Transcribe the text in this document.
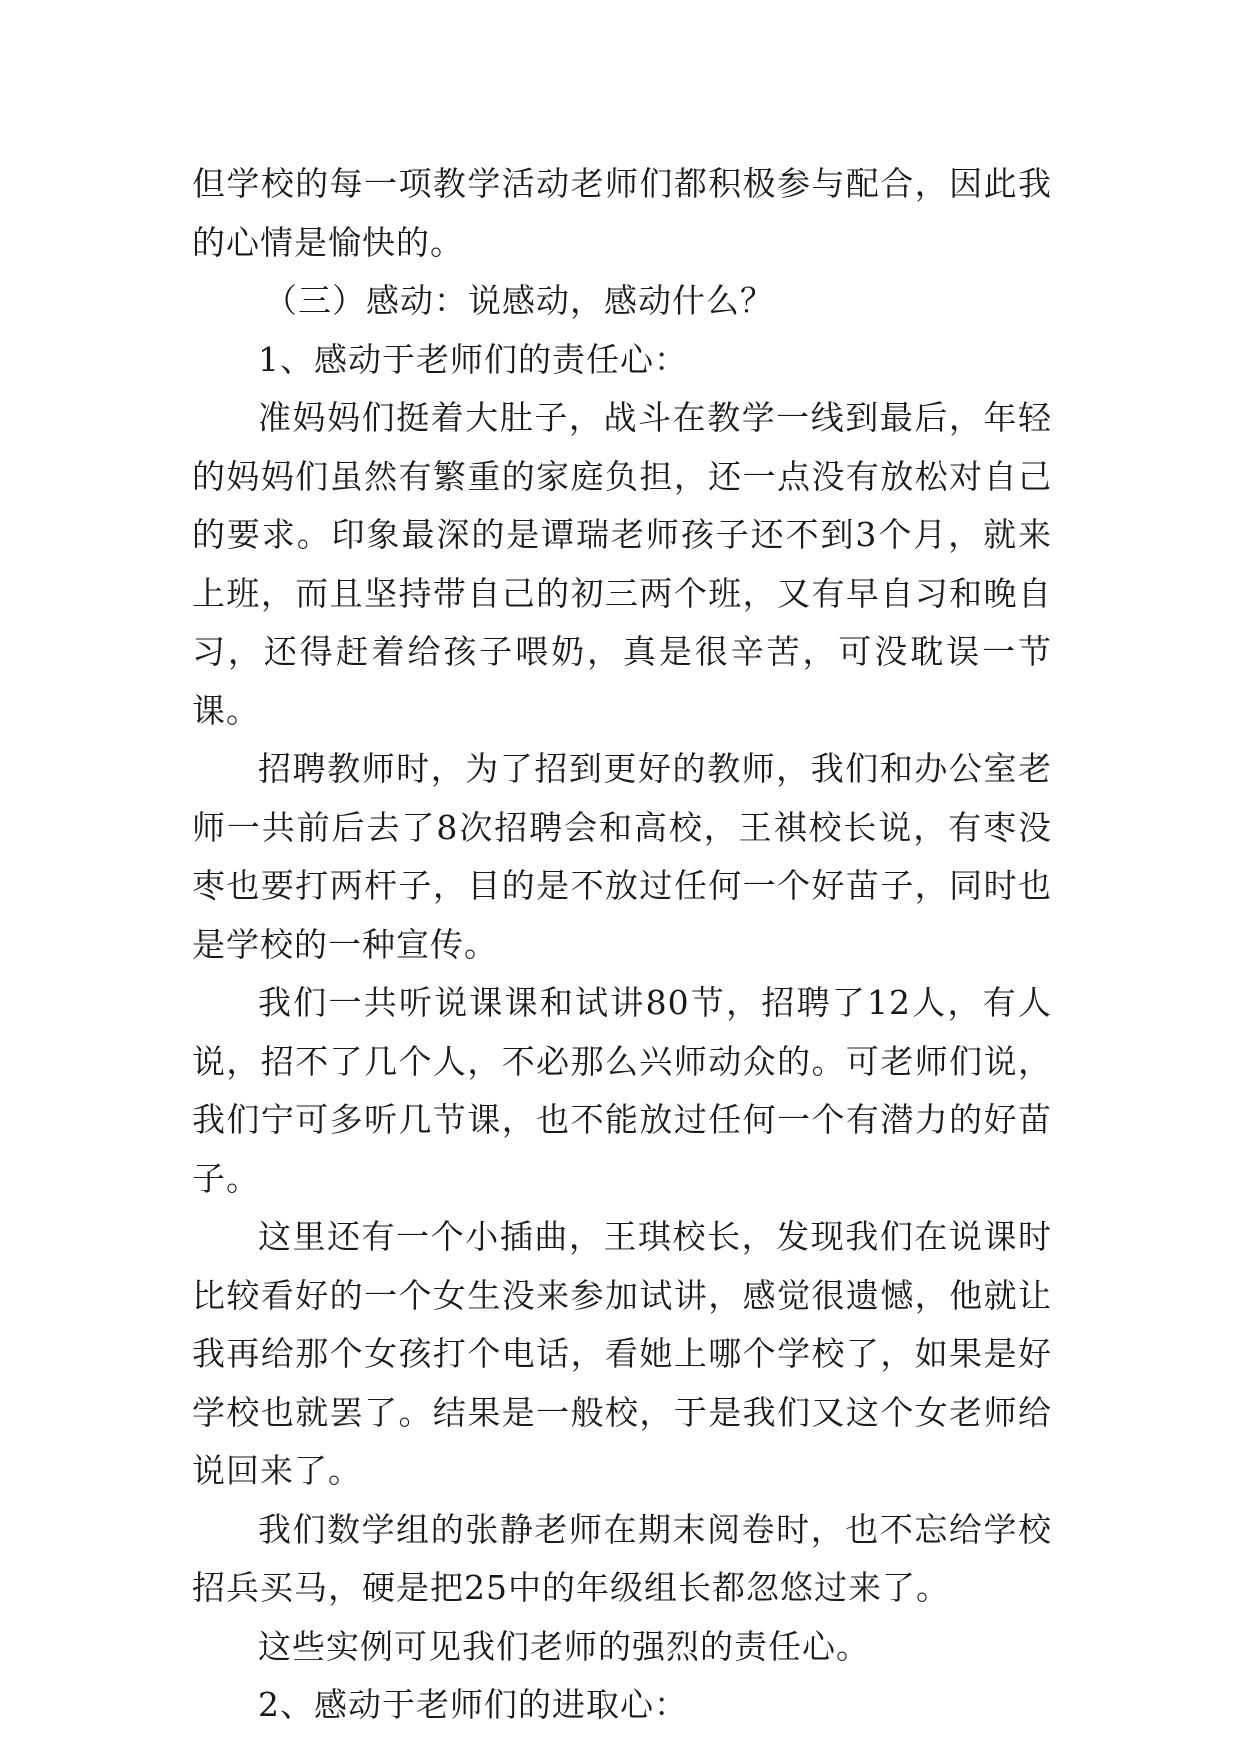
但学校的每一项教学活动老师们都积极参与配合，因此我的心情是愉快的。

（三）感动：说感动，感动什么？

1、感动于老师们的责任心：

准妈妈们挺着大肚子，战斗在教学一线到最后，年轻的妈妈们虽然有繁重的家庭负担，还一点没有放松对自己的要求。印象最深的是谭瑞老师孩子还不到3个月，就来上班，而且坚持带自己的初三两个班，又有早自习和晚自习，还得赶着给孩子喂奶，真是很辛苦，可没耽误一节课。

招聘教师时，为了招到更好的教师，我们和办公室老师一共前后去了8次招聘会和高校，王祺校长说，有枣没枣也要打两杆子，目的是不放过任何一个好苗子，同时也是学校的一种宣传。

我们一共听说课课和试讲80节，招聘了12人，有人说，招不了几个人，不必那么兴师动众的。可老师们说，我们宁可多听几节课，也不能放过任何一个有潜力的好苗子。

这里还有一个小插曲，王琪校长，发现我们在说课时比较看好的一个女生没来参加试讲，感觉很遗憾，他就让我再给那个女孩打个电话，看她上哪个学校了，如果是好学校也就罢了。结果是一般校，于是我们又这个女老师给说回来了。

我们数学组的张静老师在期末阅卷时，也不忘给学校招兵买马，硬是把25中的年级组长都忽悠过来了。

这些实例可见我们老师的强烈的责任心。

2、感动于老师们的进取心：
